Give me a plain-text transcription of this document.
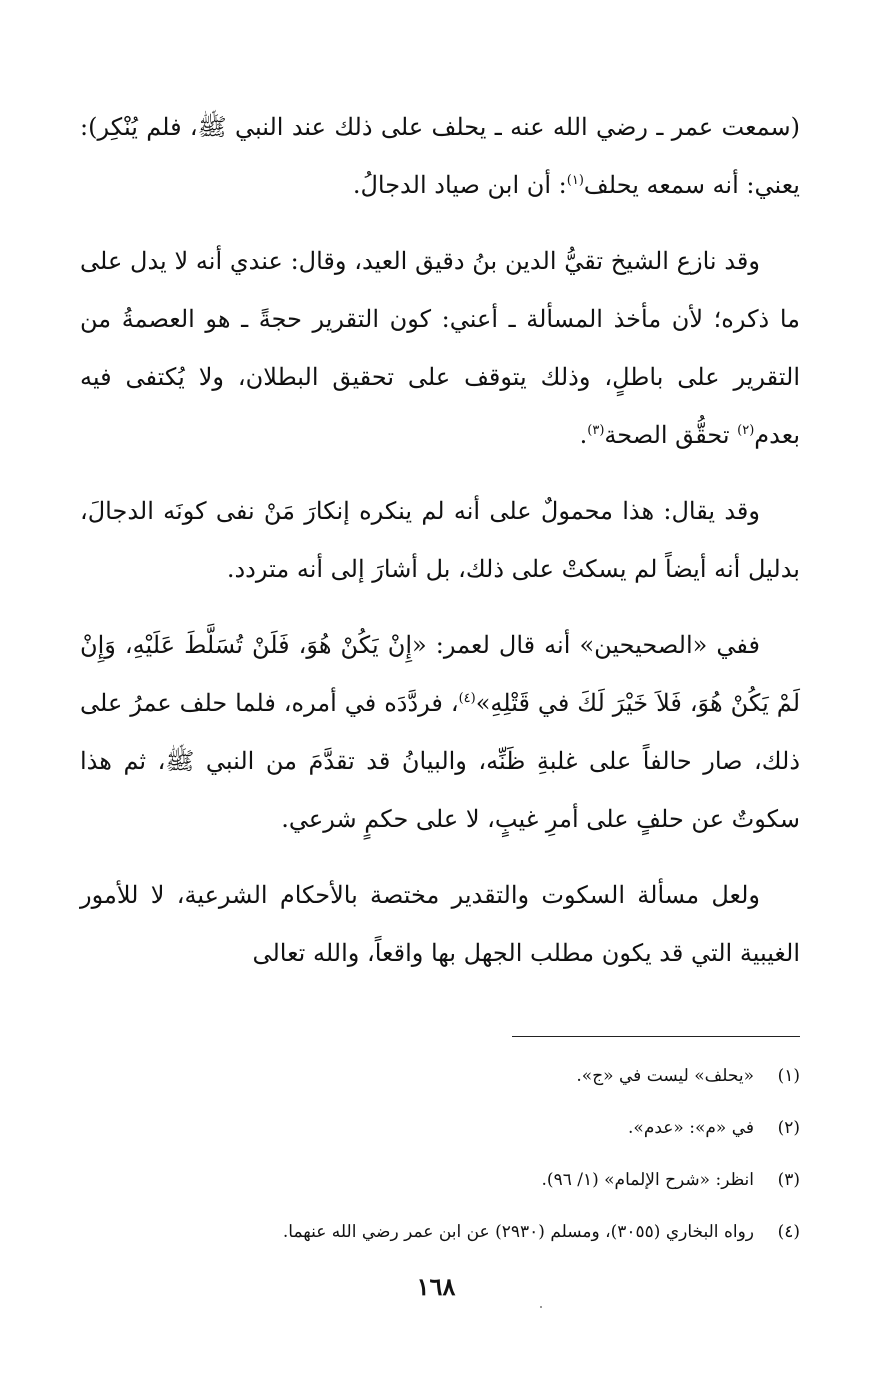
(سمعت عمر ـ رضي الله عنه ـ يحلف على ذلك عند النبي ﷺ، فلم يُنْكِر): يعني: أنه سمعه يحلف$^{(١)}$: أن ابن صياد الدجالُ.

وقد نازع الشيخ تقيُّ الدين بنُ دقيق العيد، وقال: عندي أنه لا يدل على ما ذكره؛ لأن مأخذ المسألة ـ أعني: كون التقرير حجةً ـ هو العصمةُ من التقرير على باطلٍ، وذلك يتوقف على تحقيق البطلان، ولا يُكتفى فيه بعدم$^{(٢)}$ تحقُّق الصحة$^{(٣)}$.

وقد يقال: هذا محمولٌ على أنه لم ينكره إنكارَ مَنْ نفى كونَه الدجالَ، بدليل أنه أيضاً لم يسكتْ على ذلك، بل أشارَ إلى أنه متردد.

ففي «الصحيحين» أنه قال لعمر: «إِنْ يَكُنْ هُوَ، فَلَنْ تُسَلَّطَ عَلَيْهِ، وَإِنْ لَمْ يَكُنْ هُوَ، فَلاَ خَيْرَ لَكَ في قَتْلِهِ»$^{(٤)}$، فردَّدَه في أمره، فلما حلف عمرُ على ذلك، صار حالفاً على غلبةِ ظَنِّه، والبيانُ قد تقدَّمَ من النبي ﷺ، ثم هذا سكوتٌ عن حلفٍ على أمرِ غيبٍ، لا على حكمٍ شرعي.

ولعل مسألة السكوت والتقدير مختصة بالأحكام الشرعية، لا للأمور الغيبية التي قد يكون مطلب الجهل بها واقعاً، والله تعالى

(١)«يحلف» ليست في «ج».
(٢)في «م»: «عدم».
(٣)انظر: «شرح الإلمام» (١/ ٩٦).
(٤)رواه البخاري (٣٠٥٥)، ومسلم (٢٩٣٠) عن ابن عمر رضي الله عنهما.
١٦٨
